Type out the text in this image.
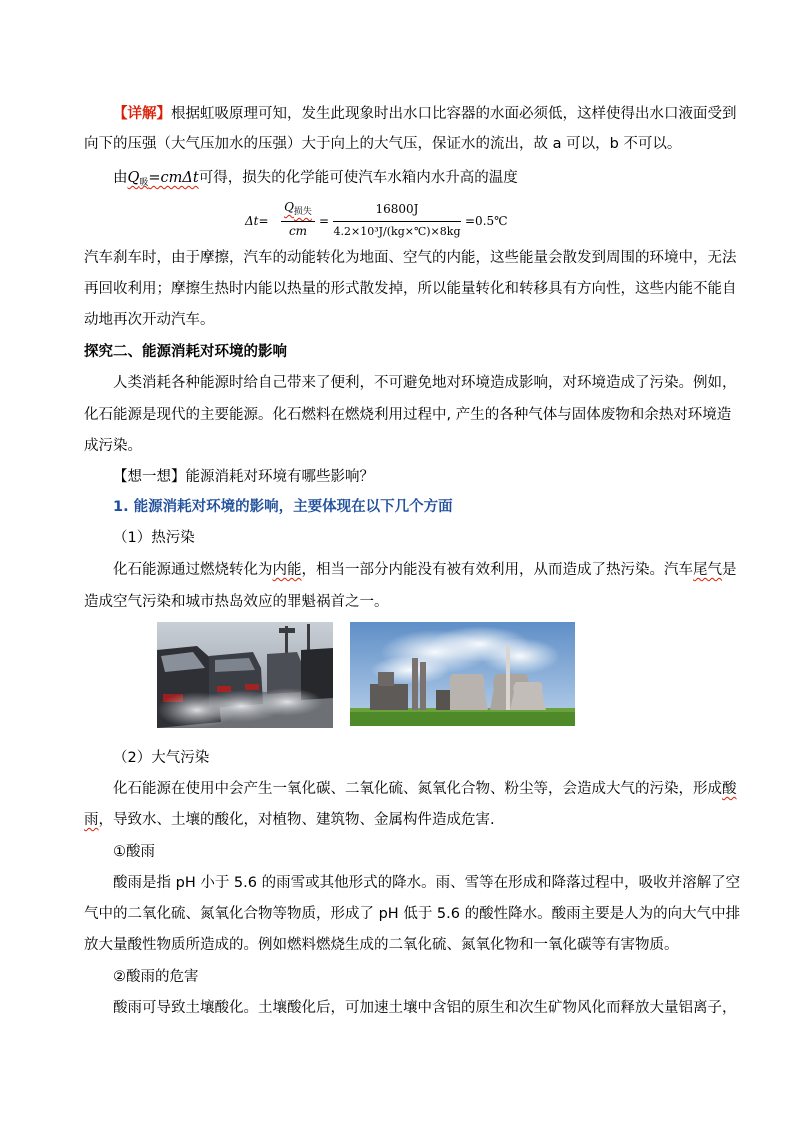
【详解】根据虹吸原理可知，发生此现象时出水口比容器的水面必须低，这样使得出水口液面受到
向下的压强（大气压加水的压强）大于向上的大气压，保证水的流出，故 a 可以，b 不可以。
由$Q_吸=cm\Delta t$可得，损失的化学能可使汽车水箱内水升高的温度
Δt=
$Q_{损失}$
cm
=
16800J
4.2×10³J/(kg×℃)×8kg
=0.5℃
汽车刹车时，由于摩擦，汽车的动能转化为地面、空气的内能，这些能量会散发到周围的环境中，无法
再回收利用；摩擦生热时内能以热量的形式散发掉，所以能量转化和转移具有方向性，这些内能不能自
动地再次开动汽车。
探究二、能源消耗对环境的影响
人类消耗各种能源时给自己带来了便利，不可避免地对环境造成影响，对环境造成了污染。例如，
化石能源是现代的主要能源。化石燃料在燃烧利用过程中, 产生的各种气体与固体废物和余热对环境造
成污染。
【想一想】能源消耗对环境有哪些影响？
1. 能源消耗对环境的影响，主要体现在以下几个方面
（1）热污染
化石能源通过燃烧转化为内能，相当一部分内能没有被有效利用，从而造成了热污染。汽车尾气是
造成空气污染和城市热岛效应的罪魁祸首之一。
（2）大气污染
化石能源在使用中会产生一氧化碳、二氧化硫、氮氧化合物、粉尘等，会造成大气的污染，形成酸
雨，导致水、土壤的酸化，对植物、建筑物、金属构件造成危害.
①酸雨
酸雨是指 pH 小于 5.6 的雨雪或其他形式的降水。雨、雪等在形成和降落过程中，吸收并溶解了空
气中的二氧化硫、氮氧化合物等物质，形成了 pH 低于 5.6 的酸性降水。酸雨主要是人为的向大气中排
放大量酸性物质所造成的。例如燃料燃烧生成的二氧化硫、氮氧化物和一氧化碳等有害物质。
②酸雨的危害
酸雨可导致土壤酸化。土壤酸化后，可加速土壤中含铝的原生和次生矿物风化而释放大量铝离子，
